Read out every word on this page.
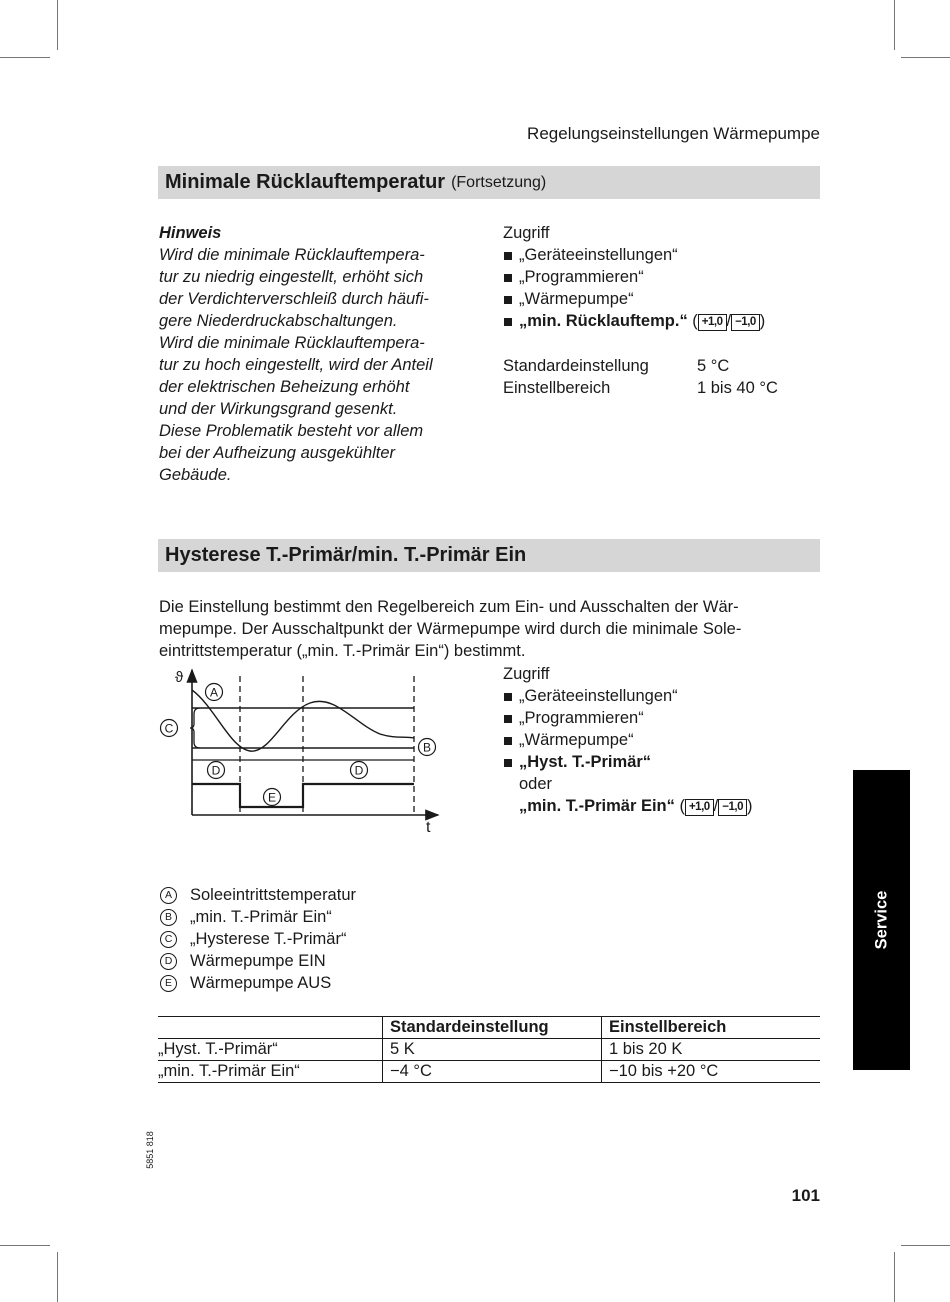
Regelungseinstellungen Wärmepumpe
Minimale Rücklauftemperatur (Fortsetzung)
Hinweis
Wird die minimale Rücklauftempera-
tur zu niedrig eingestellt, erhöht sich
der Verdichterverschleiß durch häufi-
gere Niederdruckabschaltungen.
Wird die minimale Rücklauftempera-
tur zu hoch eingestellt, wird der Anteil
der elektrischen Beheizung erhöht
und der Wirkungsgrand gesenkt.
Diese Problematik besteht vor allem
bei der Aufheizung ausgekühlter
Gebäude.
Zugriff
„Geräteeinstellungen“
„Programmieren“
„Wärmepumpe“
„min. Rücklauftemp.“ ( +1,0 / −1,0 )
Standardeinstellung	5 °C
Einstellbereich	1 bis 40 °C
Hysterese T.-Primär/min. T.-Primär Ein
Die Einstellung bestimmt den Regelbereich zum Ein- und Ausschalten der Wär-
mepumpe. Der Ausschaltpunkt der Wärmepumpe wird durch die minimale Sole-
eintrittstemperatur („min. T.-Primär Ein“) bestimmt.
ϑ
t
A
B
C
D	D
E
Zugriff
„Geräteeinstellungen“
„Programmieren“
„Wärmepumpe“
„Hyst. T.-Primär“
oder
„min. T.-Primär Ein“ ( +1,0 / −1,0 )
A	Soleeintrittstemperatur
B	„min. T.-Primär Ein“
C „Hysterese T.-Primär“
D Wärmepumpe EIN
E	Wärmepumpe AUS
	Standardeinstellung	Einstellbereich
„Hyst. T.-Primär“	5 K	1 bis 20 K
„min. T.-Primär Ein“	−4 °C	−10 bis +20 °C
Service
5851 818
101
